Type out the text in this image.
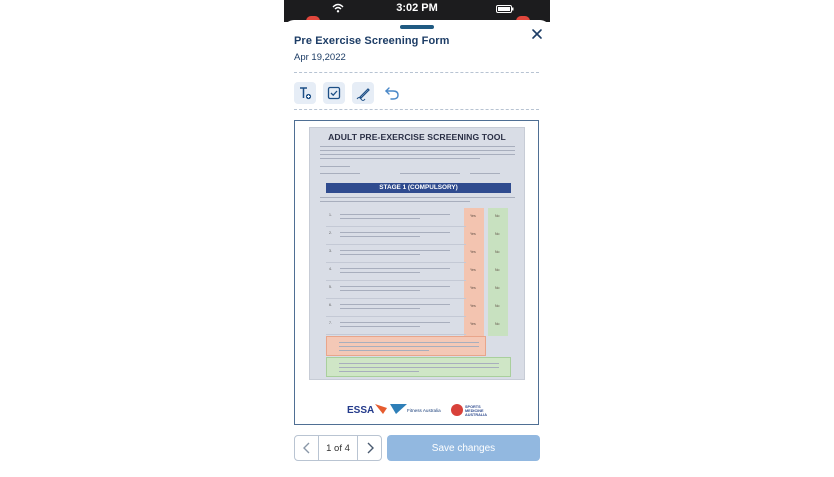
3:02 PM
Pre Exercise Screening Form
Apr 19,2022
ADULT PRE-EXERCISE SCREENING TOOL
STAGE 1 (COMPULSORY)
1.	Yes	No
2.	Yes	No
3.	Yes	No
4.	Yes	No
5.	Yes	No
6.	Yes	No
7.	Yes	No
ESSA	Fitness Australia
SPORTS
MEDICINE
AUSTRALIA
1 of 4	Save changes
